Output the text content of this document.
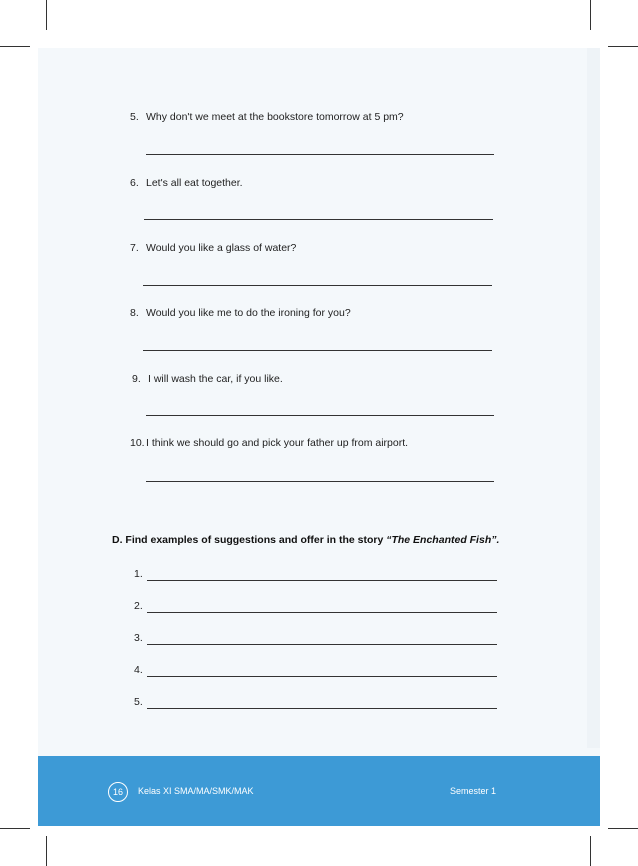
5. Why don't we meet at the bookstore tomorrow at 5 pm?
6. Let's all eat together.
7. Would you like a glass of water?
8. Would you like me to do the ironing for you?
9. I will wash the car, if you like.
10. I think we should go and pick your father up from airport.
D. Find examples of suggestions and offer in the story “The Enchanted Fish”.
1.
2.
3.
4.
5.
16	Kelas XI SMA/MA/SMK/MAK	Semester 1
